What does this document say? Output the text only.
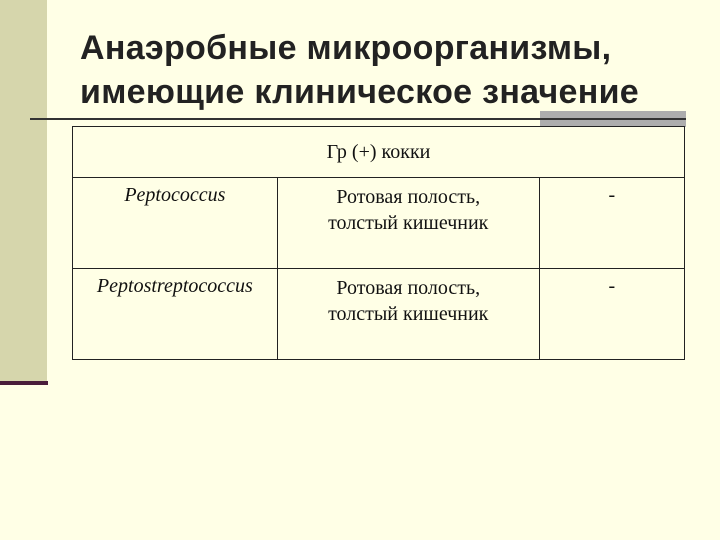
Анаэробные микроорганизмы,
имеющие клиническое значение
Гр (+) кокки		
Peptococcus	Ротовая полость,
толстый кишечник	-
Peptostreptococcus	Ротовая полость,
толстый кишечник	-
